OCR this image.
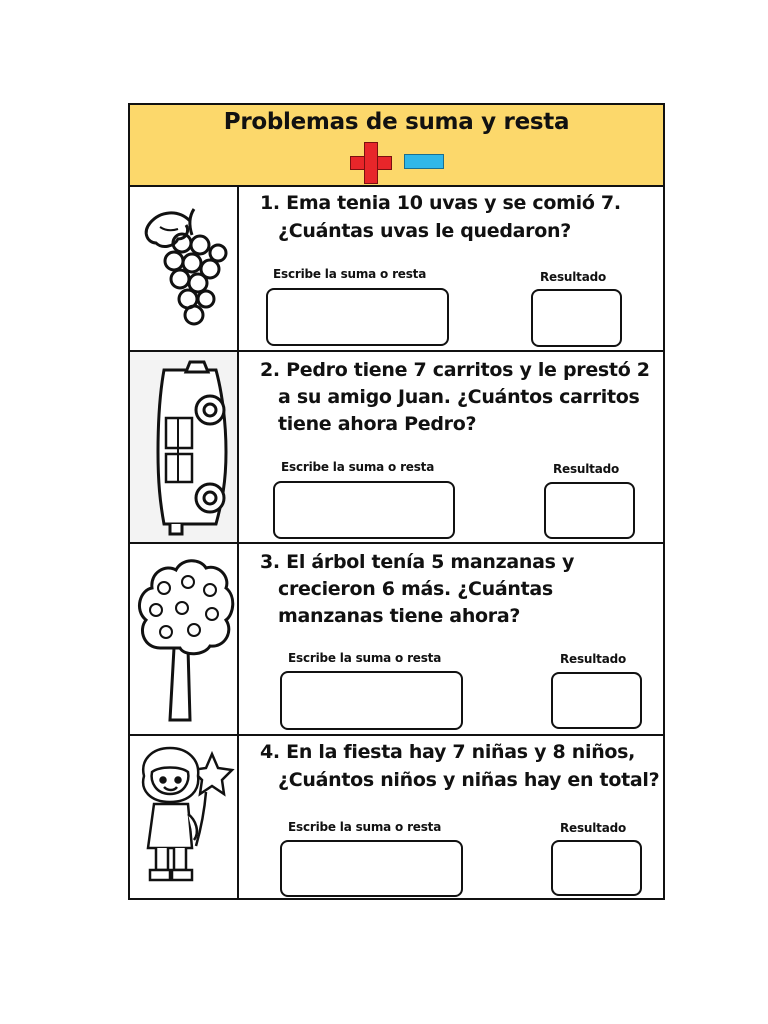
Problemas de suma y resta
1. Ema tenia 10 uvas y se comió 7.
¿Cuántas uvas le quedaron?
Escribe la suma o resta	Resultado
2. Pedro tiene 7 carritos y le prestó 2
a su amigo Juan. ¿Cuántos carritos
tiene ahora Pedro?
Escribe la suma o resta	Resultado
3. El árbol tenía 5 manzanas y
crecieron 6 más. ¿Cuántas
manzanas tiene ahora?
Escribe la suma o resta	Resultado
4. En la fiesta hay 7 niñas y 8 niños,
¿Cuántos niños y niñas hay en total?
Escribe la suma o resta	Resultado
